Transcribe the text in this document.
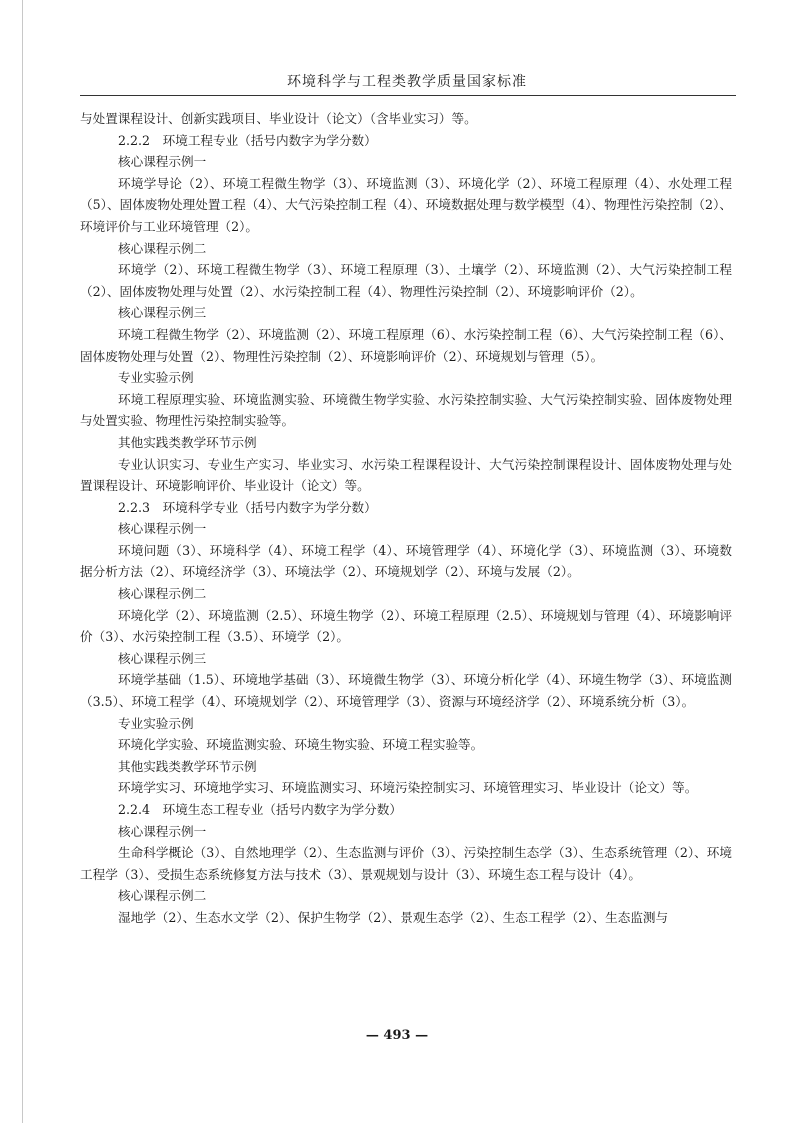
环境科学与工程类教学质量国家标准

与处置课程设计、创新实践项目、毕业设计（论文）（含毕业实习）等。

2.2.2　环境工程专业（括号内数字为学分数）

核心课程示例一

环境学导论（2）、环境工程微生物学（3）、环境监测（3）、环境化学（2）、环境工程原理（4）、水处理工程（5）、固体废物处理处置工程（4）、大气污染控制工程（4）、环境数据处理与数学模型（4）、物理性污染控制（2）、环境评价与工业环境管理（2）。

核心课程示例二

环境学（2）、环境工程微生物学（3）、环境工程原理（3）、土壤学（2）、环境监测（2）、大气污染控制工程（2）、固体废物处理与处置（2）、水污染控制工程（4）、物理性污染控制（2）、环境影响评价（2）。

核心课程示例三

环境工程微生物学（2）、环境监测（2）、环境工程原理（6）、水污染控制工程（6）、大气污染控制工程（6）、固体废物处理与处置（2）、物理性污染控制（2）、环境影响评价（2）、环境规划与管理（5）。

专业实验示例

环境工程原理实验、环境监测实验、环境微生物学实验、水污染控制实验、大气污染控制实验、固体废物处理与处置实验、物理性污染控制实验等。

其他实践类教学环节示例

专业认识实习、专业生产实习、毕业实习、水污染工程课程设计、大气污染控制课程设计、固体废物处理与处置课程设计、环境影响评价、毕业设计（论文）等。

2.2.3　环境科学专业（括号内数字为学分数）

核心课程示例一

环境问题（3）、环境科学（4）、环境工程学（4）、环境管理学（4）、环境化学（3）、环境监测（3）、环境数据分析方法（2）、环境经济学（3）、环境法学（2）、环境规划学（2）、环境与发展（2）。

核心课程示例二

环境化学（2）、环境监测（2.5）、环境生物学（2）、环境工程原理（2.5）、环境规划与管理（4）、环境影响评价（3）、水污染控制工程（3.5）、环境学（2）。

核心课程示例三

环境学基础（1.5）、环境地学基础（3）、环境微生物学（3）、环境分析化学（4）、环境生物学（3）、环境监测（3.5）、环境工程学（4）、环境规划学（2）、环境管理学（3）、资源与环境经济学（2）、环境系统分析（3）。

专业实验示例

环境化学实验、环境监测实验、环境生物实验、环境工程实验等。

其他实践类教学环节示例

环境学实习、环境地学实习、环境监测实习、环境污染控制实习、环境管理实习、毕业设计（论文）等。

2.2.4　环境生态工程专业（括号内数字为学分数）

核心课程示例一

生命科学概论（3）、自然地理学（2）、生态监测与评价（3）、污染控制生态学（3）、生态系统管理（2）、环境工程学（3）、受损生态系统修复方法与技术（3）、景观规划与设计（3）、环境生态工程与设计（4）。

核心课程示例二

湿地学（2）、生态水文学（2）、保护生物学（2）、景观生态学（2）、生态工程学（2）、生态监测与

— 493 —
